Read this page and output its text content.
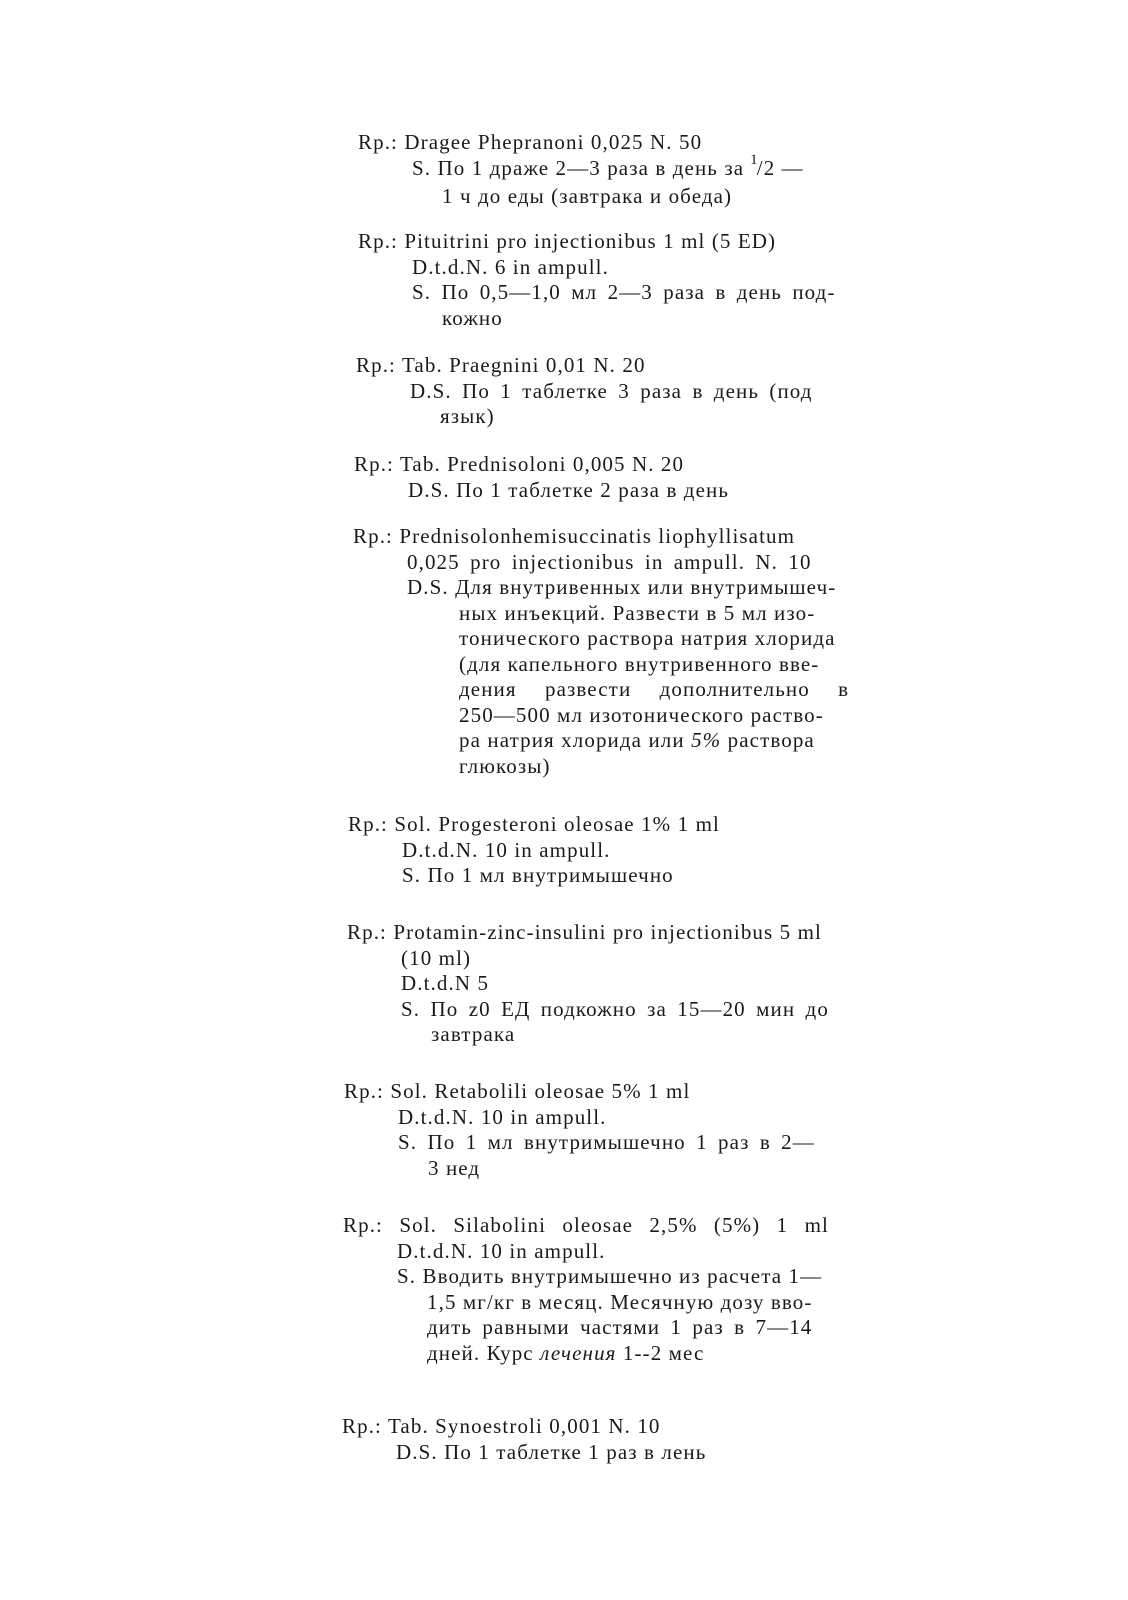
Rp.: Dragee Phepranoni 0,025 N. 50
S. По 1 драже 2—3 раза в день за $^1$/2 —
1 ч до еды (завтрака и обеда)
Rp.: Pituitrini pro injectionibus 1 ml (5 ED)
D.t.d.N. 6 in ampull.
S. По 0,5—1,0 мл 2—3 раза в день под-
кожно
Rp.: Tab. Praegnini 0,01 N. 20
D.S. По 1 таблетке 3 раза в день (под
язык)
Rp.: Tab. Prednisoloni 0,005 N. 20
D.S. По 1 таблетке 2 раза в день
Rp.: Prednisolonhemisuccinatis liophyllisatum
0,025 pro injectionibus in ampull. N. 10
D.S. Для внутривенных или внутримышеч-
ных инъекций. Развести в 5 мл изо-
тонического раствора натрия хлорида
(для капельного внутривенного вве-
дения развести дополнительно в
250—500 мл изотонического раство-
ра натрия хлорида или 5% раствора
глюкозы)
Rp.: Sol. Progesteroni oleosae 1% 1 ml
D.t.d.N. 10 in ampull.
S. По 1 мл внутримышечно
Rp.: Protamin-zinc-insulini pro injectionibus 5 ml
(10 ml)
D.t.d.N 5
S. По z0 ЕД подкожно за 15—20 мин до
завтрака
Rp.: Sol. Retabolili oleosae 5% 1 ml
D.t.d.N. 10 in ampull.
S. По 1 мл внутримышечно 1 раз в 2—
3 нед
Rp.: Sol. Silabolini oleosae 2,5% (5%) 1 ml
D.t.d.N. 10 in ampull.
S. Вводить внутримышечно из расчета 1—
1,5 мг/кг в месяц. Месячную дозу вво-
дить равными частями 1 раз в 7—14
дней. Курс лечения 1--2 мес
Rp.: Tab. Synoestroli 0,001 N. 10
D.S. По 1 таблетке 1 раз в лень
